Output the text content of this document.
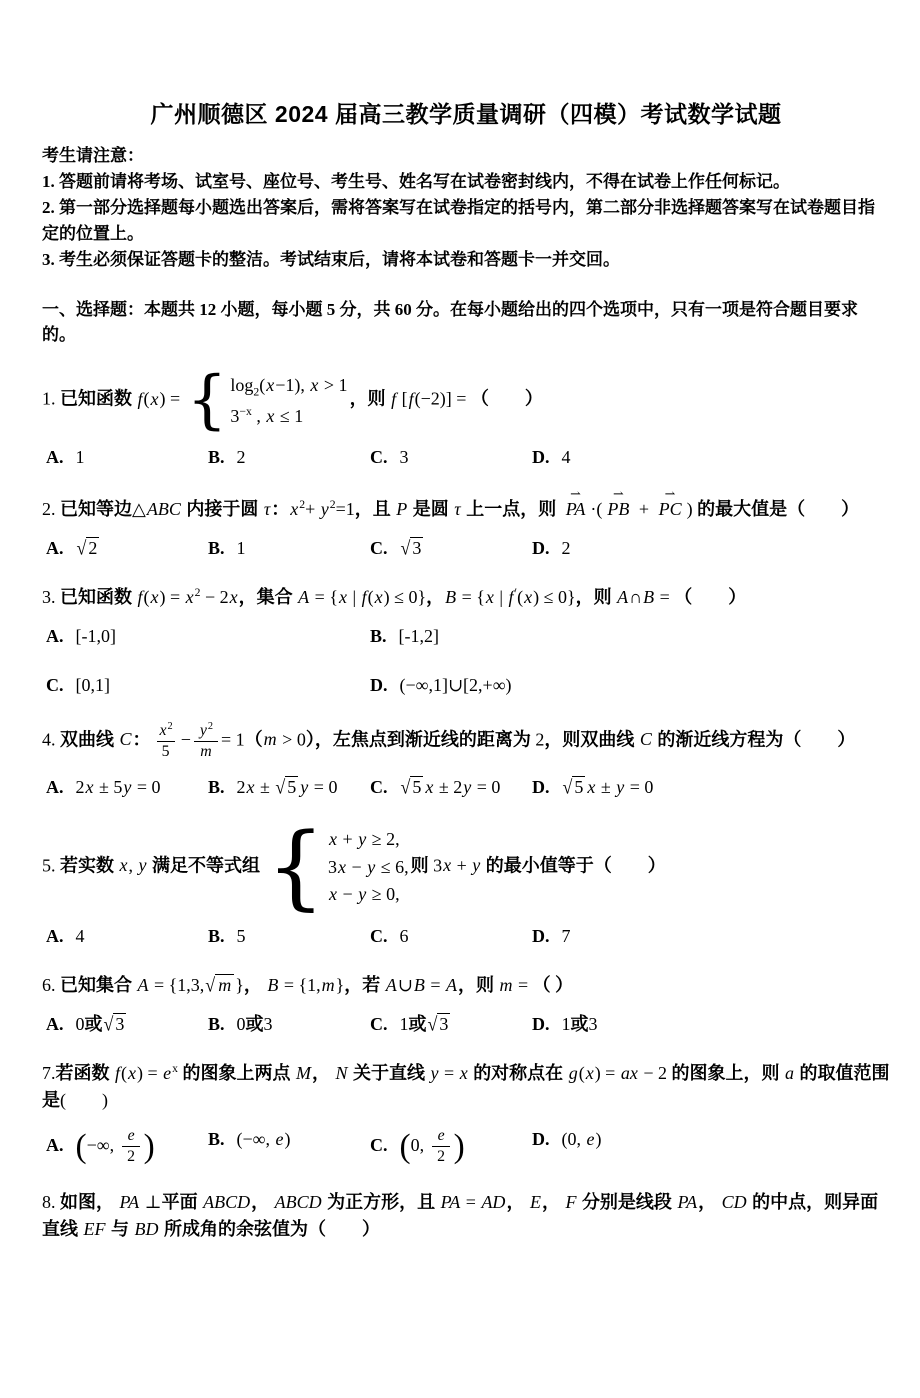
广州顺德区 2024 届高三教学质量调研（四模）考试数学试题
考生请注意：
1. 答题前请将考场、试室号、座位号、考生号、姓名写在试卷密封线内，不得在试卷上作任何标记。
2. 第一部分选择题每小题选出答案后，需将答案写在试卷指定的括号内，第二部分非选择题答案写在试卷题目指定的位置上。
3. 考生必须保证答题卡的整洁。考试结束后，请将本试卷和答题卡一并交回。
一、选择题：本题共 12 小题，每小题 5 分，共 60 分。在每小题给出的四个选项中，只有一项是符合题目要求的。
1. 已知函数 f(x) = { $\log_2(x-1)$, x > 1
$3^{-x}$ , x ≤ 1
，则 f [f(−2)] = （　　）
A. 1	B. 2	C. 3	D. 4
2. 已知等边△ABC 内接于圆 τ：$x^2+ y^2=1$，且 P 是圆 τ 上一点，则
⇀
PA ·(
⇀
PB +
⇀
PC ) 的最大值是（　　）
A. √ 2	B. 1	C. √ 3	D. 2
3. 已知函数 $f(x) = x^2 - 2x$，集合 A = {x | f(x) ≤ 0}，B = {x | f′(x) ≤ 0}，则 A∩B = （　　）
A. [-1,0]	B. [-1,2]
C. [0,1]	D. (−∞,1]∪[2,+∞)
4. 双曲线 C： $\frac{x^2}{5} - \frac{y^2}{m} = 1(m > 0)$，左焦点到渐近线的距离为 2，则双曲线 C 的渐近线方程为（　　）
A. 2x ± 5y = 0	B. 2x ± √ 5 y = 0	C. √ 5 x ± 2y = 0	D. √ 5 x ± y = 0
5. 若实数 x, y 满足不等式组 { x + y ≥ 2,
3x − y ≤ 6,
x − y ≥ 0,
则 3x + y 的最小值等于（　　）
A. 4	B. 5	C. 6	D. 7
6. 已知集合 A = {1,3,√ m }， B = {1,m}，若 A∪B = A，则 m = （ ）
A. 0或√ 3	B. 0或3	C. 1或√ 3	D. 1或3
7.若函数 $f(x) = e^x$ 的图象上两点 M， N 关于直线 y = x 的对称点在 g(x) = ax − 2 的图象上，则 a 的取值范围是(　　 )
A. (−∞, $\frac{e}{2}$ )	B. (−∞, e)	C. (0, $\frac{e}{2}$ )	D. (0, e)
8. 如图， PA ⊥平面 ABCD， ABCD 为正方形，且 PA = AD， E， F 分别是线段 PA， CD 的中点，则异面直线 EF 与 BD 所成角的余弦值为（　　）
